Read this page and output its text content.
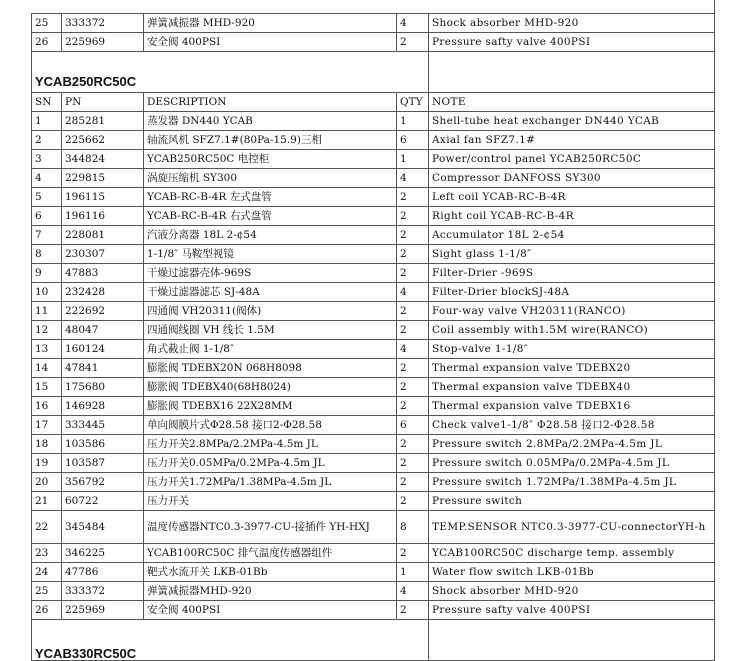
25	333372	弹簧减振器 MHD-920	4	Shock absorber MHD-920
26	225969	安全阀 400PSI	2	Pressure safty valve 400PSI
YCAB250RC50C				
SN	PN	DESCRIPTION	QTY	NOTE
1	285281	蒸发器 DN440 YCAB	1	Shell-tube heat exchanger DN440 YCAB
2	225662	轴流风机 SFZ7.1#(80Pa-15.9)三相	6	Axial fan SFZ7.1#
3	344824	YCAB250RC50C 电控柜	1	Power/control panel YCAB250RC50C
4	229815	涡旋压缩机 SY300	4	Compressor DANFOSS SY300
5	196115	YCAB-RC-B-4R 左式盘管	2	Left coil YCAB-RC-B-4R
6	196116	YCAB-RC-B-4R 右式盘管	2	Right coil YCAB-RC-B-4R
7	228081	汽液分离器 18L 2-¢54	2	Accumulator 18L 2-¢54
8	230307	1-1/8″ 马鞍型视镜	2	Sight glass 1-1/8″
9	47883	干燥过滤器壳体-969S	2	Filter-Drier -969S
10	232428	干燥过滤器滤芯 SJ-48A	4	Filter-Drier blockSJ-48A
11	222692	四通阀 VH20311(阀体)	2	Four-way valve VH20311(RANCO)
12	48047	四通阀线圈 VH 线长 1.5M	2	Coil assembly with1.5M wire(RANCO)
13	160124	角式截止阀 1-1/8″	4	Stop-valve 1-1/8″
14	47841	膨胀阀 TDEBX20N 068H8098	2	Thermal expansion valve TDEBX20
15	175680	膨胀阀 TDEBX40(68H8024)	2	Thermal expansion valve TDEBX40
16	146928	膨胀阀 TDEBX16 22X28MM	2	Thermal expansion valve TDEBX16
17	333445	单向阀膜片式Φ28.58 接口2-Φ28.58	6	Check valve1-1/8″ Φ28.58 接口2-Φ28.58
18	103586	压力开关2.8MPa/2.2MPa-4.5m JL	2	Pressure switch 2.8MPa/2.2MPa-4.5m JL
19	103587	压力开关0.05MPa/0.2MPa-4.5m JL	2	Pressure switch 0.05MPa/0.2MPa-4.5m JL
20	356792	压力开关1.72MPa/1.38MPa-4.5m JL	2	Pressure switch 1.72MPa/1.38MPa-4.5m JL
21	60722	压力开关	2	Pressure switch
22	345484	温度传感器NTC0.3-3977-CU-接插件 YH-HXJ	8	TEMP.SENSOR NTC0.3-3977-CU-connectorYH-h
23	346225	YCAB100RC50C 排气温度传感器组件	2	YCAB100RC50C discharge temp. assembly
24	47786	靶式水流开关 LKB-01Bb	1	Water flow switch LKB-01Bb
25	333372	弹簧减振器MHD-920	4	Shock absorber MHD-920
26	225969	安全阀 400PSI	2	Pressure safty valve 400PSI
YCAB330RC50C				
